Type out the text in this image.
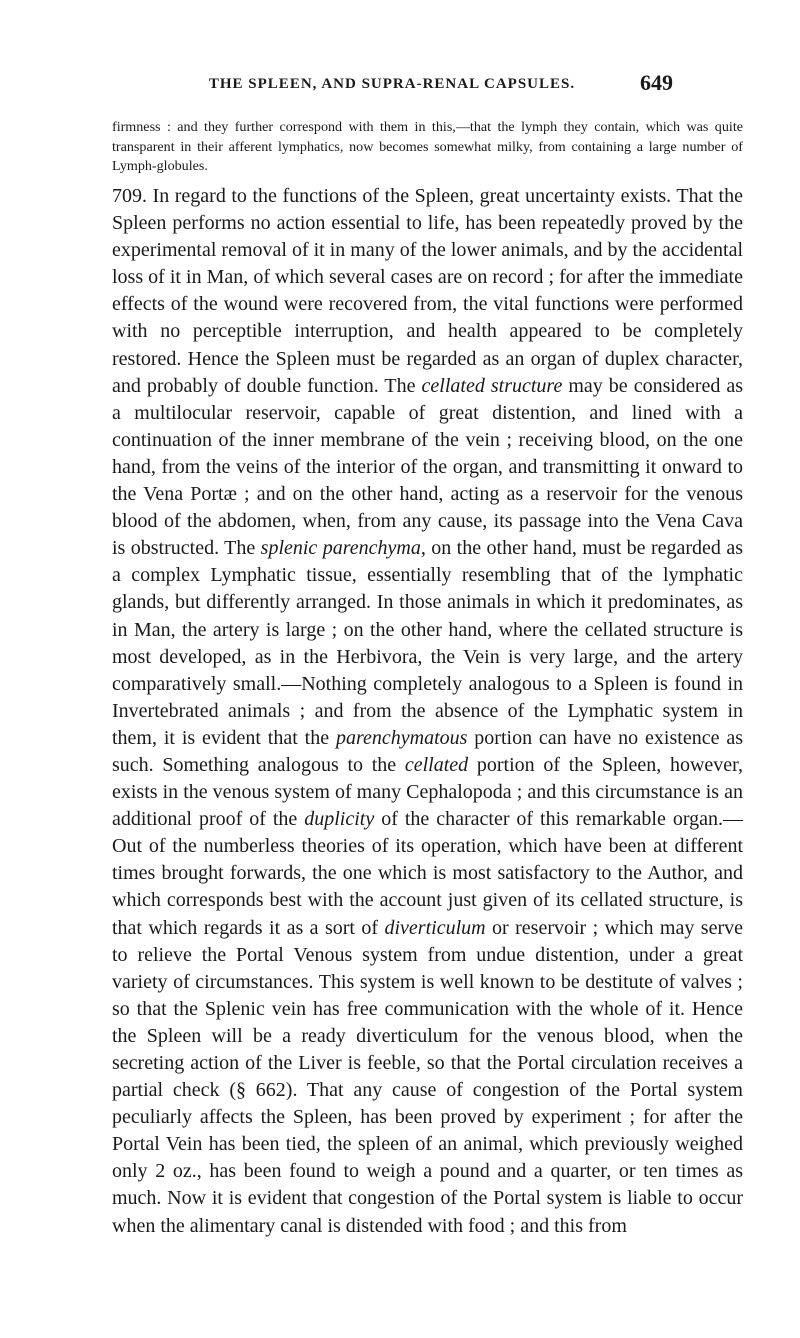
THE SPLEEN, AND SUPRA-RENAL CAPSULES.	649

firmness : and they further correspond with them in this,—that the lymph they contain, which was quite transparent in their afferent lymphatics, now becomes somewhat milky, from containing a large number of Lymph-globules.

709. In regard to the functions of the Spleen, great uncertainty exists. That the Spleen performs no action essential to life, has been repeatedly proved by the experimental removal of it in many of the lower animals, and by the accidental loss of it in Man, of which several cases are on record ; for after the immediate effects of the wound were recovered from, the vital functions were performed with no perceptible interruption, and health appeared to be completely restored. Hence the Spleen must be regarded as an organ of duplex character, and probably of double function. The cellated structure may be considered as a multilocular reservoir, capable of great distention, and lined with a continuation of the inner membrane of the vein ; receiving blood, on the one hand, from the veins of the interior of the organ, and transmitting it onward to the Vena Portæ ; and on the other hand, acting as a reservoir for the venous blood of the abdomen, when, from any cause, its passage into the Vena Cava is obstructed. The splenic parenchyma, on the other hand, must be regarded as a complex Lymphatic tissue, essentially resembling that of the lymphatic glands, but differently arranged. In those animals in which it predominates, as in Man, the artery is large ; on the other hand, where the cellated structure is most developed, as in the Herbivora, the Vein is very large, and the artery comparatively small.—Nothing completely analogous to a Spleen is found in Invertebrated animals ; and from the absence of the Lymphatic system in them, it is evident that the parenchymatous portion can have no existence as such. Something analogous to the cellated portion of the Spleen, however, exists in the venous system of many Cephalopoda ; and this circumstance is an additional proof of the duplicity of the character of this remarkable organ.—Out of the numberless theories of its operation, which have been at different times brought forwards, the one which is most satisfactory to the Author, and which corresponds best with the account just given of its cellated structure, is that which regards it as a sort of diverticulum or reservoir ; which may serve to relieve the Portal Venous system from undue distention, under a great variety of circumstances. This system is well known to be destitute of valves ; so that the Splenic vein has free communication with the whole of it. Hence the Spleen will be a ready diverticulum for the venous blood, when the secreting action of the Liver is feeble, so that the Portal circulation receives a partial check (§ 662). That any cause of congestion of the Portal system peculiarly affects the Spleen, has been proved by experiment ; for after the Portal Vein has been tied, the spleen of an animal, which previously weighed only 2 oz., has been found to weigh a pound and a quarter, or ten times as much. Now it is evident that congestion of the Portal system is liable to occur when the alimentary canal is distended with food ; and this from
